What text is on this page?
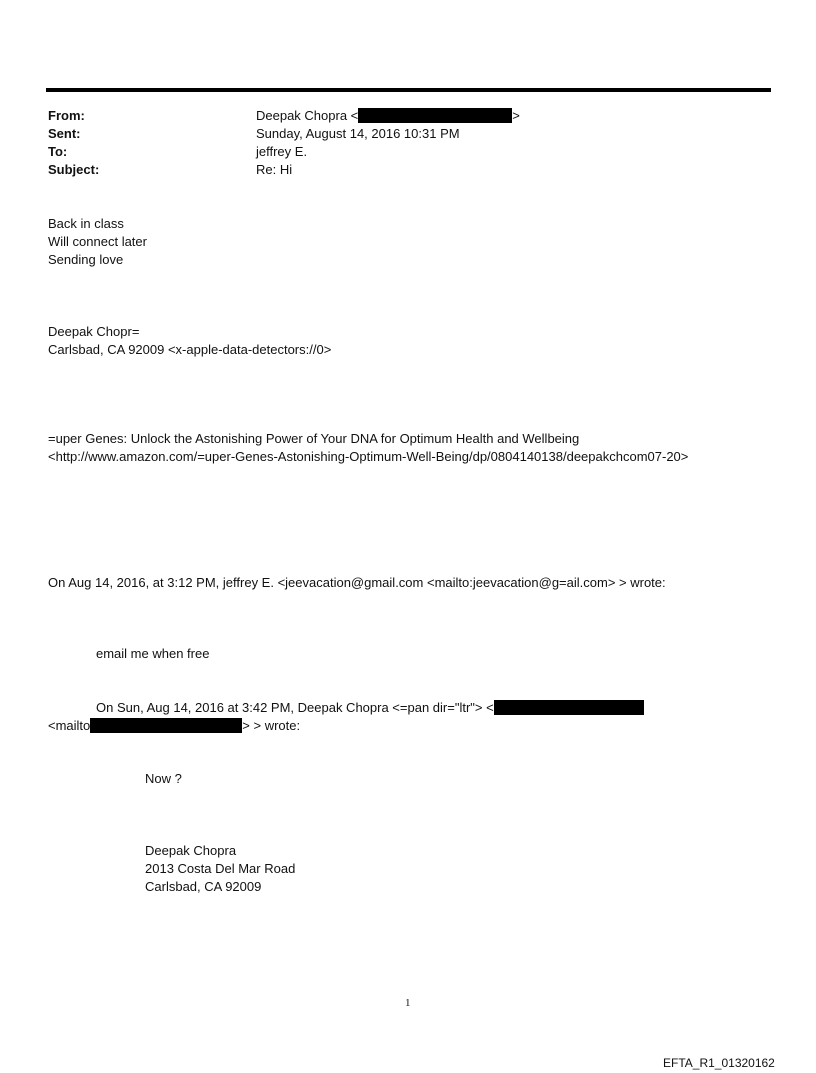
From:
Sent:
To:
Subject:
Deepak Chopra <	>
Sunday, August 14, 2016 10:31 PM
jeffrey E.
Re: Hi
Back in class
Will connect later
Sending love
Deepak Chopr=
Carlsbad, CA 92009 <x-apple-data-detectors://0>
=uper Genes: Unlock the Astonishing Power of Your DNA for Optimum Health and Wellbeing
<http://www.amazon.com/=uper-Genes-Astonishing-Optimum-Well-Being/dp/0804140138/deepakchcom07-20>
On Aug 14, 2016, at 3:12 PM, jeffrey E. <jeevacation@gmail.com <mailto:jeevacation@g=ail.com> > wrote:
email me when free
On Sun, Aug 14, 2016 at 3:42 PM, Deepak Chopra <=pan dir="ltr"> <
<mailto	> > wrote:
Now ?
Deepak Chopra
2013 Costa Del Mar Road
Carlsbad, CA 92009
1
EFTA_R1_01320162
